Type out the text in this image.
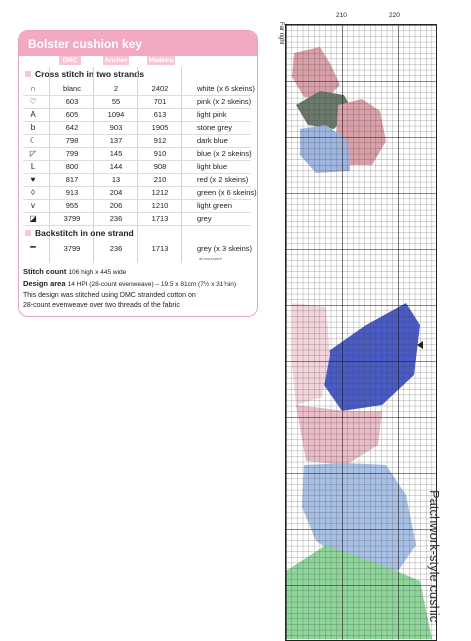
Bolster cushion key
DMC	Anchor	Madeira
Cross stitch in two strands
∩	blanc	2	2402	white (x 6 skeins)
♡	603	55	701	pink (x 2 skeins)
A	605	1094	613	light pink
b	642	903	1905	stone grey
☾	798	137	912	dark blue
◸	799	145	910	blue (x 2 skeins)
ᒪ	800	144	908	light blue
♥	817	13	210	red (x 2 skeins)
◊	913	204	1212	green (x 6 skeins)
v	955	206	1210	light green
◪	3799	236	1713	grey
Backstitch in one strand
━	3799	236	1713	grey (x 3 skeins)
all backstitch
Stitch count 106 high x 445 wide
Design area 14 HPI (28-count evenweave) – 19.5 x 81cm (7½ x 31¾in)
This design was stitched using DMC stranded cotton on
28-count evenweave over two threads of the fabric
210	220
Far right
Patchwork-style cushic
